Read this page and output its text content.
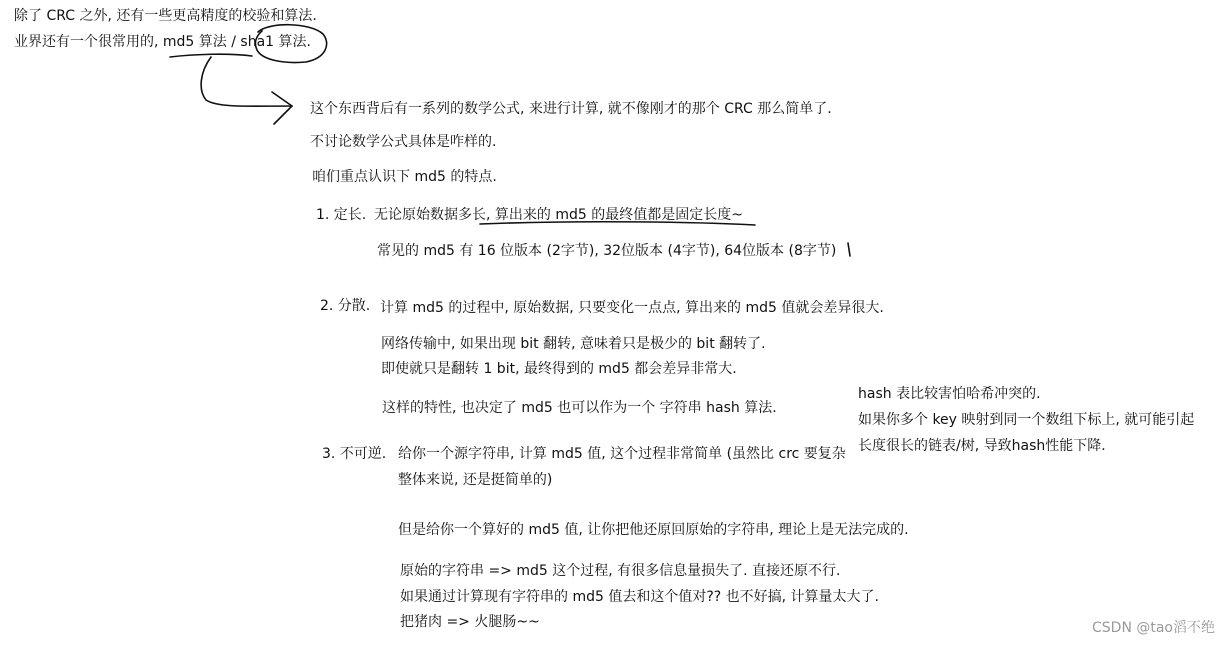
除了 CRC 之外, 还有一些更高精度的校验和算法.
业界还有一个很常用的, md5 算法 / sha1 算法.
这个东西背后有一系列的数学公式, 来进行计算, 就不像刚才的那个 CRC 那么简单了.
不讨论数学公式具体是咋样的.
咱们重点认识下 md5 的特点.
1. 定长. 无论原始数据多长, 算出来的 md5 的最终值都是固定长度~
常见的 md5 有 16 位版本 (2字节), 32位版本 (4字节), 64位版本 (8字节)
2. 分散. 计算 md5 的过程中, 原始数据, 只要变化一点点, 算出来的 md5 值就会差异很大.
网络传输中, 如果出现 bit 翻转, 意味着只是极少的 bit 翻转了.
即使就只是翻转 1 bit, 最终得到的 md5 都会差异非常大.
这样的特性, 也决定了 md5 也可以作为一个 字符串 hash 算法.
hash 表比较害怕哈希冲突的.
如果你多个 key 映射到同一个数组下标上, 就可能引起
长度很长的链表/树, 导致hash性能下降.
3. 不可逆. 给你一个源字符串, 计算 md5 值, 这个过程非常简单 (虽然比 crc 要复杂
整体来说, 还是挺简单的)
但是给你一个算好的 md5 值, 让你把他还原回原始的字符串, 理论上是无法完成的.
原始的字符串 => md5 这个过程, 有很多信息量损失了. 直接还原不行.
如果通过计算现有字符串的 md5 值去和这个值对?? 也不好搞, 计算量太大了.
把猪肉 => 火腿肠~~	CSDN @tao滔不绝
